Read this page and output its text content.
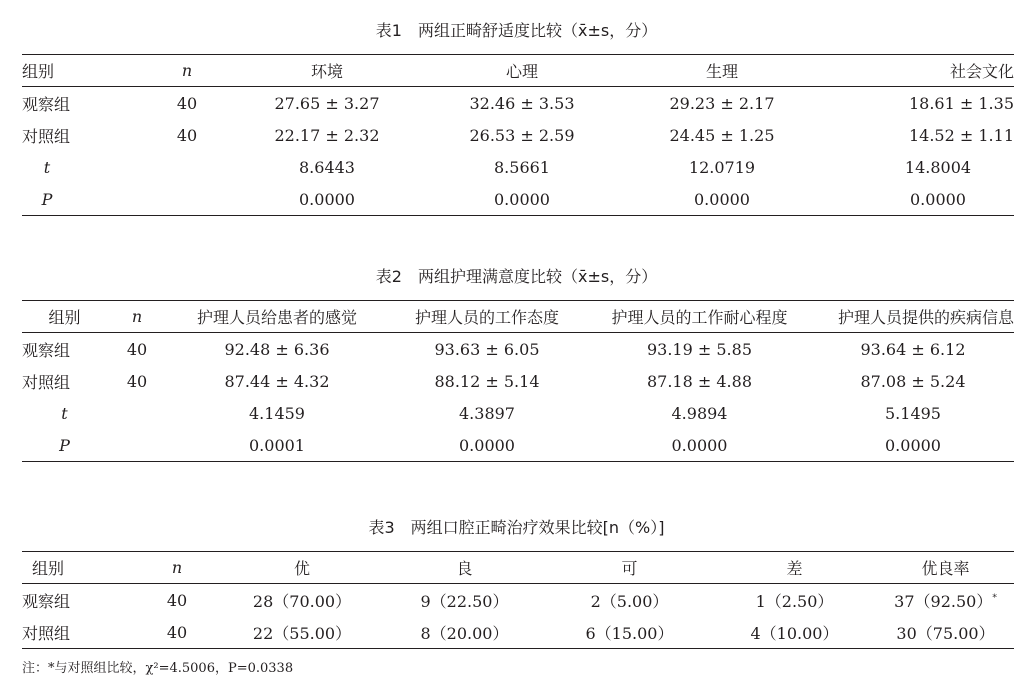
表1　两组正畸舒适度比较（x̄±s，分）
组别	n	环境	心理	生理	社会文化
观察组	40	27.65 ± 3.27	32.46 ± 3.53	29.23 ± 2.17	18.61 ± 1.35
对照组	40	22.17 ± 2.32	26.53 ± 2.59	24.45 ± 1.25	14.52 ± 1.11
t		8.6443	8.5661	12.0719	14.8004
P		0.0000	0.0000	0.0000	0.0000
表2　两组护理满意度比较（x̄±s，分）
组别	n	护理人员给患者的感觉	护理人员的工作态度	护理人员的工作耐心程度	护理人员提供的疾病信息
观察组	40	92.48 ± 6.36	93.63 ± 6.05	93.19 ± 5.85	93.64 ± 6.12
对照组	40	87.44 ± 4.32	88.12 ± 5.14	87.18 ± 4.88	87.08 ± 5.24
t		4.1459	4.3897	4.9894	5.1495
P		0.0001	0.0000	0.0000	0.0000
表3　两组口腔正畸治疗效果比较[n（%）]
组别	n	优	良	可	差	优良率
观察组	40	28（70.00）	9（22.50）	2（5.00）	1（2.50）	37（92.50）*
对照组	40	22（55.00）	8（20.00）	6（15.00）	4（10.00）	30（75.00）
注：*与对照组比较，χ²=4.5006，P=0.0338
